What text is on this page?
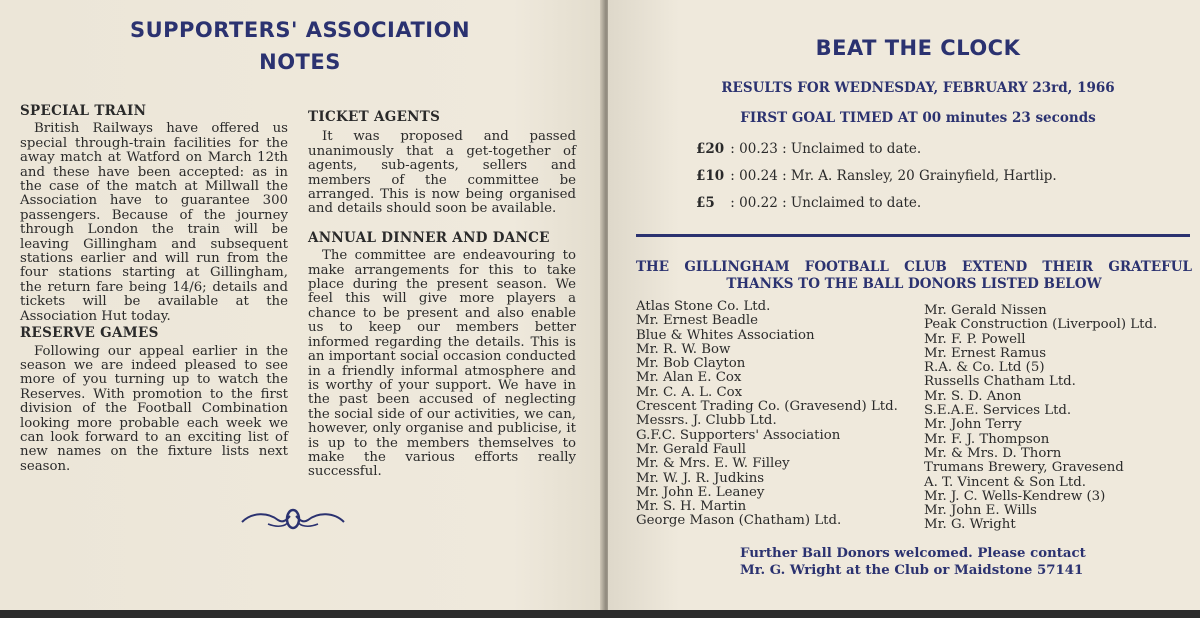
SUPPORTERS' ASSOCIATION
NOTES
SPECIAL TRAIN

British Railways have offered us special through-train facilities for the away match at Watford on March 12th and these have been accepted: as in the case of the match at Millwall the Association have to guarantee 300 passengers. Because of the journey through London the train will be leaving Gillingham and subsequent stations earlier and will run from the four stations starting at Gillingham, the return fare being 14/6; details and tickets will be available at the Association Hut today.

RESERVE GAMES

Following our appeal earlier in the season we are indeed pleased to see more of you turning up to watch the Reserves. With promotion to the first division of the Football Combination looking more probable each week we can look forward to an exciting list of new names on the fixture lists next season.

TICKET AGENTS

It was proposed and passed unanimously that a get-together of agents, sub-agents, sellers and members of the committee be arranged. This is now being organised and details should soon be available.

ANNUAL DINNER AND DANCE

The committee are endeavouring to make arrangements for this to take place during the present season. We feel this will give more players a chance to be present and also enable us to keep our members better informed regarding the details. This is an important social occasion conducted in a friendly informal atmosphere and is worthy of your support. We have in the past been accused of neglecting the social side of our activities, we can, however, only organise and publicise, it is up to the members themselves to make the various efforts really successful.

BEAT THE CLOCK
RESULTS FOR WEDNESDAY, FEBRUARY 23rd, 1966
FIRST GOAL TIMED AT 00 minutes 23 seconds
£20 : 00.23 : Unclaimed to date.
£10 : 00.24 : Mr. A. Ransley, 20 Grainyfield, Hartlip.
£5 : 00.22 : Unclaimed to date.
THE GILLINGHAM FOOTBALL CLUB EXTEND THEIR GRATEFUL
THANKS TO THE BALL DONORS LISTED BELOW
Atlas Stone Co. Ltd.
Mr. Ernest Beadle
Blue & Whites Association
Mr. R. W. Bow
Mr. Bob Clayton
Mr. Alan E. Cox
Mr. C. A. L. Cox
Crescent Trading Co. (Gravesend) Ltd.
Messrs. J. Clubb Ltd.
G.F.C. Supporters' Association
Mr. Gerald Faull
Mr. & Mrs. E. W. Filley
Mr. W. J. R. Judkins
Mr. John E. Leaney
Mr. S. H. Martin
George Mason (Chatham) Ltd.
Mr. Gerald Nissen
Peak Construction (Liverpool) Ltd.
Mr. F. P. Powell
Mr. Ernest Ramus
R.A. & Co. Ltd (5)
Russells Chatham Ltd.
Mr. S. D. Anon
S.E.A.E. Services Ltd.
Mr. John Terry
Mr. F. J. Thompson
Mr. & Mrs. D. Thorn
Trumans Brewery, Gravesend
A. T. Vincent & Son Ltd.
Mr. J. C. Wells-Kendrew (3)
Mr. John E. Wills
Mr. G. Wright
Further Ball Donors welcomed. Please contact
Mr. G. Wright at the Club or Maidstone 57141
